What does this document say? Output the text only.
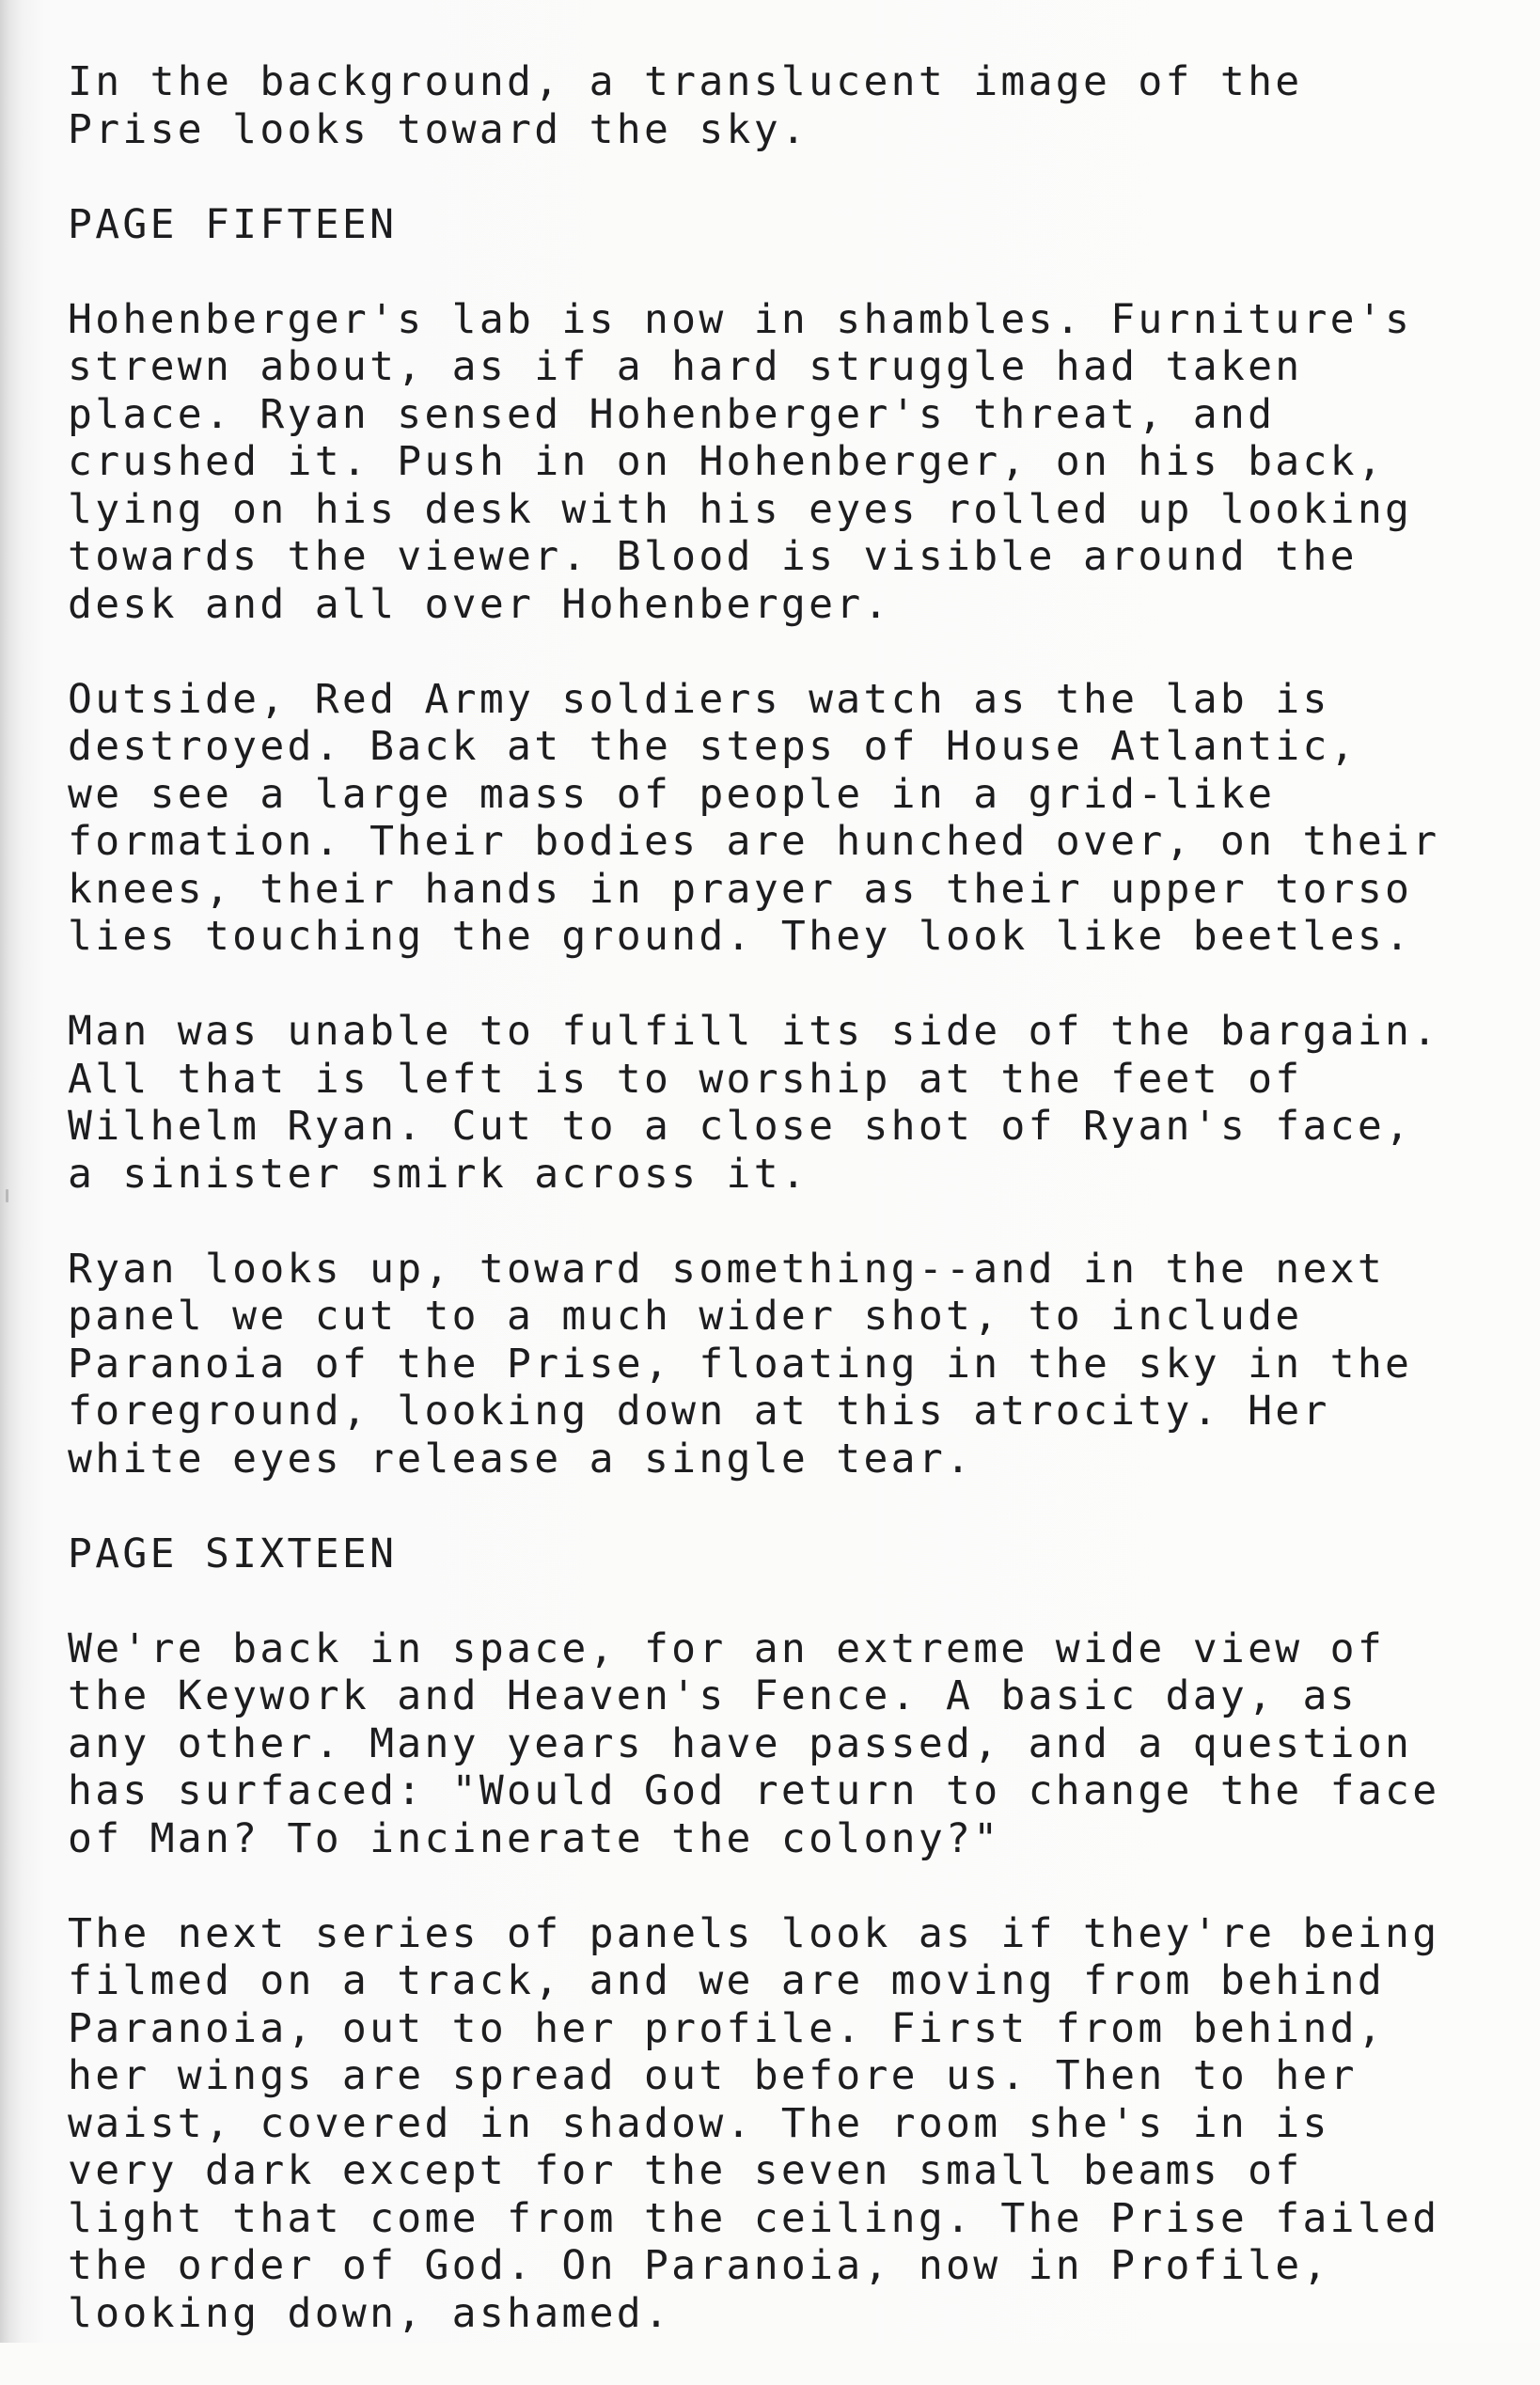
In the background, a translucent image of the
Prise looks toward the sky.

PAGE FIFTEEN

Hohenberger's lab is now in shambles. Furniture's
strewn about, as if a hard struggle had taken
place. Ryan sensed Hohenberger's threat, and
crushed it. Push in on Hohenberger, on his back,
lying on his desk with his eyes rolled up looking
towards the viewer. Blood is visible around the
desk and all over Hohenberger.

Outside, Red Army soldiers watch as the lab is
destroyed. Back at the steps of House Atlantic,
we see a large mass of people in a grid-like
formation. Their bodies are hunched over, on their
knees, their hands in prayer as their upper torso
lies touching the ground. They look like beetles.

Man was unable to fulfill its side of the bargain.
All that is left is to worship at the feet of
Wilhelm Ryan. Cut to a close shot of Ryan's face,
a sinister smirk across it.

Ryan looks up, toward something--and in the next
panel we cut to a much wider shot, to include
Paranoia of the Prise, floating in the sky in the
foreground, looking down at this atrocity. Her
white eyes release a single tear.

PAGE SIXTEEN

We're back in space, for an extreme wide view of
the Keywork and Heaven's Fence. A basic day, as
any other. Many years have passed, and a question
has surfaced: "Would God return to change the face
of Man? To incinerate the colony?"

The next series of panels look as if they're being
filmed on a track, and we are moving from behind
Paranoia, out to her profile. First from behind,
her wings are spread out before us. Then to her
waist, covered in shadow. The room she's in is
very dark except for the seven small beams of
light that come from the ceiling. The Prise failed
the order of God. On Paranoia, now in Profile,
looking down, ashamed.
